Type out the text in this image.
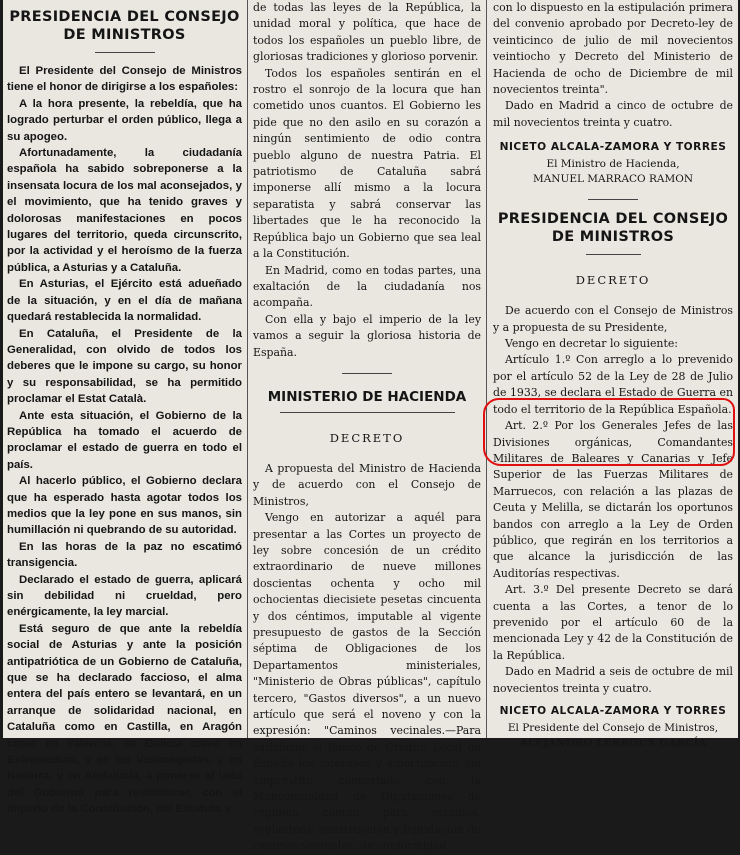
PRESIDENCIA DEL CONSEJO DE MINISTROS

El Presidente del Consejo de Ministros tiene el honor de dirigirse a los españoles:

A la hora presente, la rebeldía, que ha logrado perturbar el orden público, llega a su apogeo.

Afortunadamente, la ciudadanía española ha sabido sobreponerse a la insensata locura de los mal aconsejados, y el movimiento, que ha tenido graves y dolorosas manifestaciones en pocos lugares del territorio, queda circunscrito, por la actividad y el heroísmo de la fuerza pública, a Asturias y a Cataluña.

En Asturias, el Ejército está adueñado de la situación, y en el día de mañana quedará restablecida la normalidad.

En Cataluña, el Presidente de la Generalidad, con olvido de todos los deberes que le impone su cargo, su honor y su responsabilidad, se ha permitido proclamar el Estat Català.

Ante esta situación, el Gobierno de la República ha tomado el acuerdo de proclamar el estado de guerra en todo el país.

Al hacerlo público, el Gobierno declara que ha esperado hasta agotar todos los medios que la ley pone en sus manos, sin humillación ni quebrando de su autoridad.

En las horas de la paz no escatimó transigencia.

Declarado el estado de guerra, aplicará sin debilidad ni crueldad, pero enérgicamente, la ley marcial.

Está seguro de que ante la rebeldía social de Asturias y ante la posición antipatriótica de un Gobierno de Cataluña, que se ha declarado faccioso, el alma entera del país entero se levantará, en un arranque de solidaridad nacional, en Cataluña como en Castilla, en Aragón como en Valencia, en Galicia como en Extremadura, y en las Vascongadas, y en Navarra, y en Andalucía, a ponerse al lado del Gobierno para restablecer, con el imperio de la Constitución, del Estatuto y

de todas las leyes de la República, la unidad moral y política, que hace de todos los españoles un pueblo libre, de gloriosas tradiciones y glorioso porvenir.

Todos los españoles sentirán en el rostro el sonrojo de la locura que han cometido unos cuantos. El Gobierno les pide que no den asilo en su corazón a ningún sentimiento de odio contra pueblo alguno de nuestra Patria. El patriotismo de Cataluña sabrá imponerse allí mismo a la locura separatista y sabrá conservar las libertades que le ha reconocido la República bajo un Gobierno que sea leal a la Constitución.

En Madrid, como en todas partes, una exaltación de la ciudadanía nos acompaña.

Con ella y bajo el imperio de la ley vamos a seguir la gloriosa historia de España.

MINISTERIO DE HACIENDA
DECRETO

A propuesta del Ministro de Hacienda y de acuerdo con el Consejo de Ministros,

Vengo en autorizar a aquél para presentar a las Cortes un proyecto de ley sobre concesión de un crédito extraordinario de nueve millones doscientas ochenta y ocho mil ochocientas diecisiete pesetas cincuenta y dos céntimos, imputable al vigente presupuesto de gastos de la Sección séptima de Obligaciones de los Departamentos ministeriales, "Ministerio de Obras públicas", capítulo tercero, "Gastos diversos", a un nuevo artículo que será el noveno y con la expresión: "Caminos vecinales.—Para satisfacer al Banco de Crédito Local de España los intereses y amortización del empréstito concertado con la Mancomunidad de Diputaciones de régimen común para estudios, replanteos, construcción y liquidación de caminos vecinales, de conformidad

con lo dispuesto en la estipulación primera del convenio aprobado por Decreto-ley de veinticinco de julio de mil novecientos veintiocho y Decreto del Ministerio de Hacienda de ocho de Diciembre de mil novecientos treinta".

Dado en Madrid a cinco de octubre de mil novecientos treinta y cuatro.

NICETO ALCALA-ZAMORA Y TORRES
El Ministro de Hacienda,
MANUEL MARRACO RAMON
PRESIDENCIA DEL CONSEJO DE MINISTROS
DECRETO

De acuerdo con el Consejo de Ministros y a propuesta de su Presidente,

Vengo en decretar lo siguiente:

Artículo 1.º Con arreglo a lo prevenido por el artículo 52 de la Ley de 28 de Julio de 1933, se declara el Estado de Guerra en todo el territorio de la República Española.

Art. 2.º Por los Generales Jefes de las Divisiones orgánicas, Comandantes Militares de Baleares y Canarias y Jefe Superior de las Fuerzas Militares de Marruecos, con relación a las plazas de Ceuta y Melilla, se dictarán los oportunos bandos con arreglo a la Ley de Orden público, que regirán en los territorios a que alcance la jurisdicción de las Auditorías respectivas.

Art. 3.º Del presente Decreto se dará cuenta a las Cortes, a tenor de lo prevenido por el artículo 60 de la mencionada Ley y 42 de la Constitución de la República.

Dado en Madrid a seis de octubre de mil novecientos treinta y cuatro.

NICETO ALCALA-ZAMORA Y TORRES
El Presidente del Consejo de Ministros,
ALEJANDRO LERROUX GARCÍA
